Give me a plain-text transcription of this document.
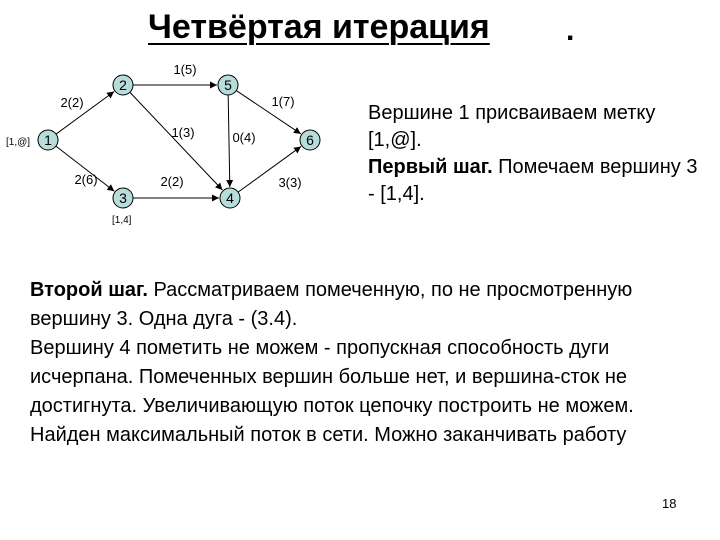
Четвёртая итерация	.
2(2)
2(6)
1(5)
1(3)
2(2)
0(4)
1(7)
3(3)
1
[1,@]
2
3
[1,4]
4
5
6
Вершине 1 присваиваем метку [1,@].
Первый шаг. Помечаем вершину 3 - [1,4].
Второй шаг. Рассматриваем помеченную, по не просмотренную вершину 3. Одна дуга - (3.4).
Вершину 4 пометить не можем - пропускная способность дуги исчерпана. Помеченных вершин больше нет, и вершина-сток не достигнута. Увеличивающую поток цепочку построить не можем.
Найден максимальный поток в сети. Можно заканчивать работу
18
